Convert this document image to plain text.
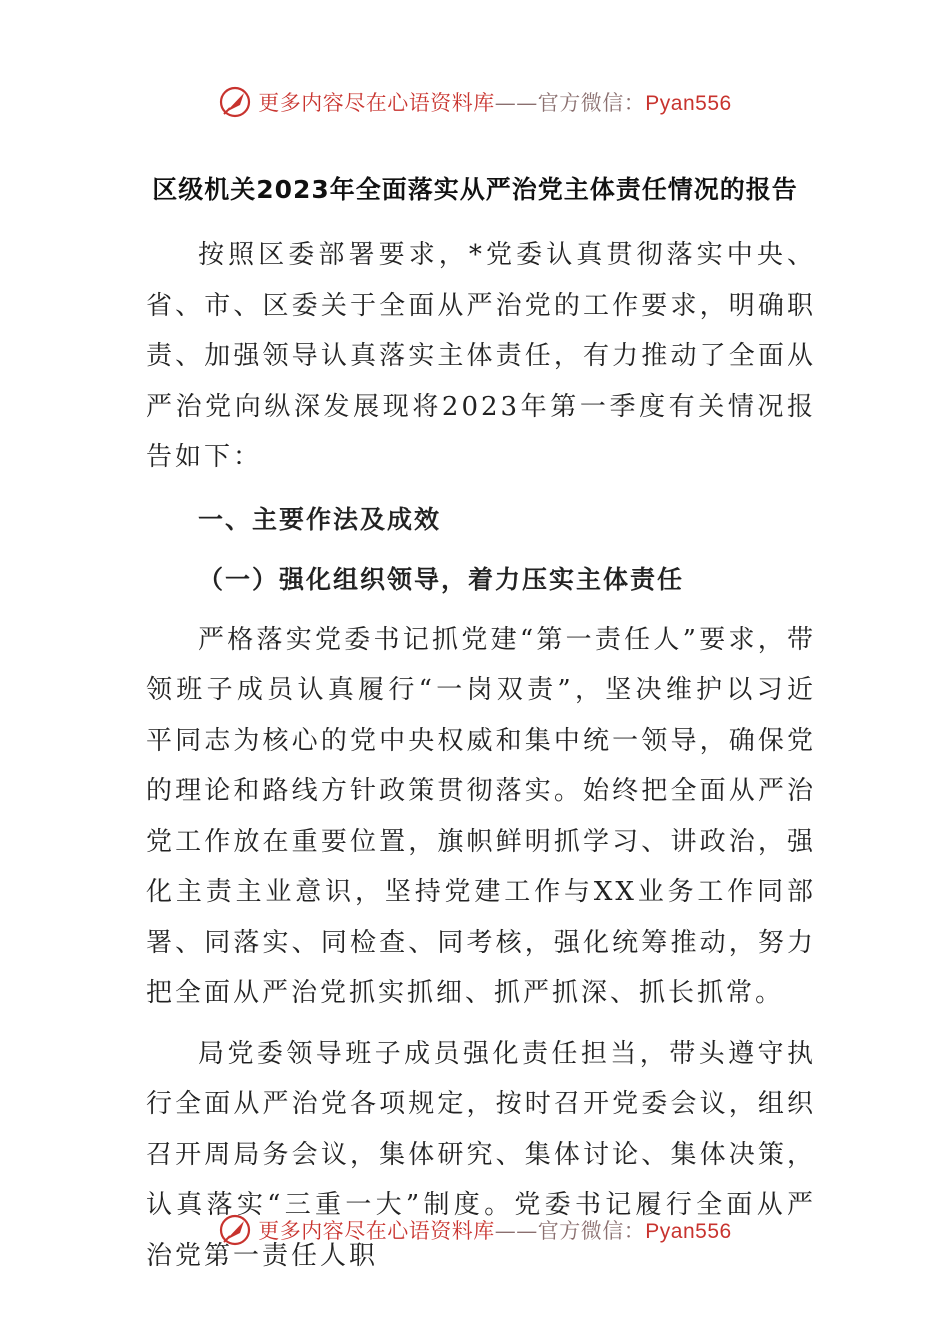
更多内容尽在心语资料库——官方微信：Pyan556
区级机关2023年全面落实从严治党主体责任情况的报告

按照区委部署要求，*党委认真贯彻落实中央、省、市、区委关于全面从严治党的工作要求，明确职责、加强领导认真落实主体责任，有力推动了全面从严治党向纵深发展现将2023年第一季度有关情况报告如下：

一、主要作法及成效
（一）强化组织领导，着力压实主体责任

严格落实党委书记抓党建“第一责任人”要求，带领班子成员认真履行“一岗双责”，坚决维护以习近平同志为核心的党中央权威和集中统一领导，确保党的理论和路线方针政策贯彻落实。始终把全面从严治党工作放在重要位置，旗帜鲜明抓学习、讲政治，强化主责主业意识，坚持党建工作与XX业务工作同部署、同落实、同检查、同考核，强化统筹推动，努力把全面从严治党抓实抓细、抓严抓深、抓长抓常。

局党委领导班子成员强化责任担当，带头遵守执行全面从严治党各项规定，按时召开党委会议，组织召开周局务会议，集体研究、集体讨论、集体决策，认真落实“三重一大”制度。党委书记履行全面从严治党第一责任人职

更多内容尽在心语资料库——官方微信：Pyan556
